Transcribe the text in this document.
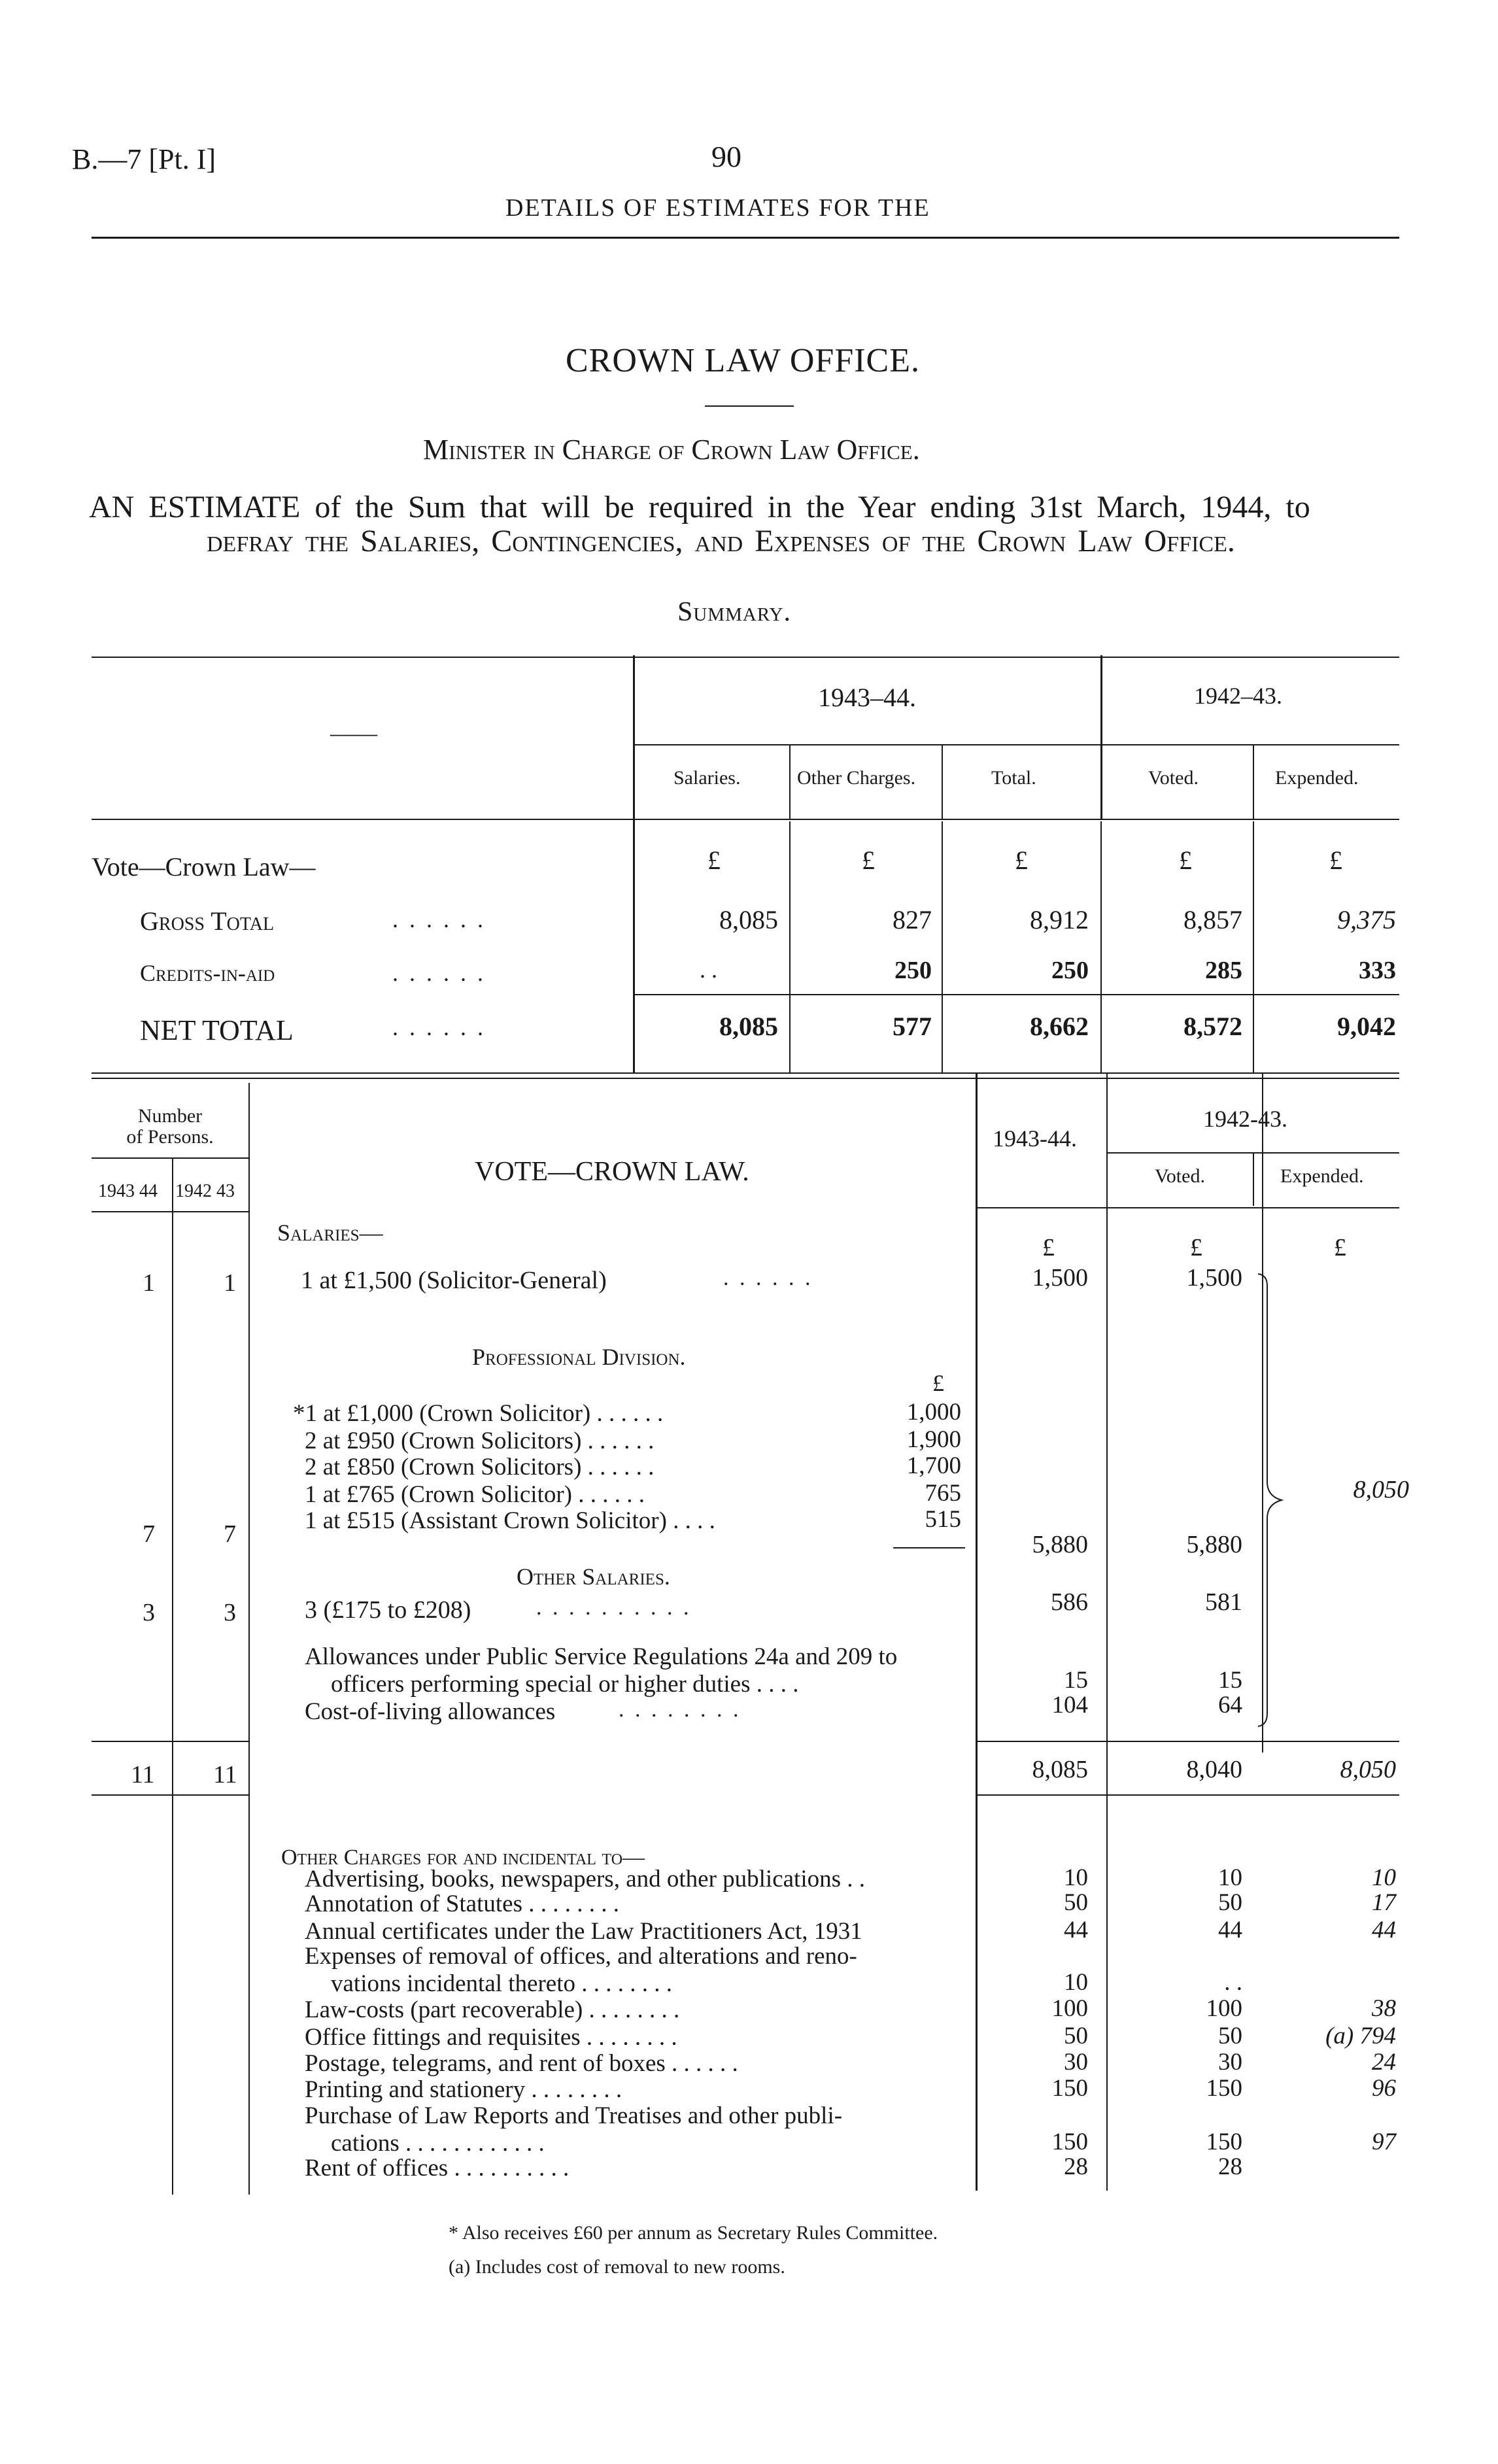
B.—7 [Pt. I]	90
DETAILS OF ESTIMATES FOR THE
CROWN LAW OFFICE.
Minister in Charge of Crown Law Office.
AN ESTIMATE of the Sum that will be required in the Year ending 31st March, 1944, to
defray the Salaries, Contingencies, and Expenses of the Crown Law Office.
Summary.
——
1943–44.	1942–43.
Salaries.	Other Charges.	Total.	Voted.	Expended.
Vote—Crown Law—	£	£	£	£	£
Gross Total	. . . . . .	8,085	827	8,912	8,857	9,375
Credits-in-aid	. . . . . .	. .	250	250	285	333
NET TOTAL	. . . . . .	8,085	577	8,662	8,572	9,042
Number
of Persons.
1943 44 1942 43
VOTE—CROWN LAW.
1943-44.
1942-43.
Voted.	Expended.
Salaries—
£	£	£
1	1	1 at £1,500 (Solicitor-General)	. . . . . .	1,500	1,500
Professional Division.
£
*1 at £1,000 (Crown Solicitor) . . . . . .	1,000
2 at £950 (Crown Solicitors) . . . . . .	1,900
2 at £850 (Crown Solicitors) . . . . . .	1,700
1 at £765 (Crown Solicitor) . . . . . .	765
1 at £515 (Assistant Crown Solicitor) . . . .	515
7	7	5,880	5,880
8,050
Other Salaries.
3	3	3 (£175 to £208)	. . . . . . . . . .	586	581
Allowances under Public Service Regulations 24a and 209 to
officers performing special or higher duties . . . .	15	15
Cost-of-living allowances	. . . . . . . .	104	64
11 11	8,085	8,040	8,050
Other Charges for and incidental to—
Advertising, books, newspapers, and other publications . .	10	10	10
Annotation of Statutes . . . . . . . .	50	50	17
Annual certificates under the Law Practitioners Act, 1931	44	44	44
Expenses of removal of offices, and alterations and reno-
vations incidental thereto . . . . . . . .	10	. .
Law-costs (part recoverable) . . . . . . . .	100	100	38
Office fittings and requisites . . . . . . . .	50	50	(a) 794
Postage, telegrams, and rent of boxes . . . . . .	30	30	24
Printing and stationery . . . . . . . .	150	150	96
Purchase of Law Reports and Treatises and other publi-
cations . . . . . . . . . . . .	150	150	97
Rent of offices . . . . . . . . . .	28	28
* Also receives £60 per annum as Secretary Rules Committee.
(a) Includes cost of removal to new rooms.
